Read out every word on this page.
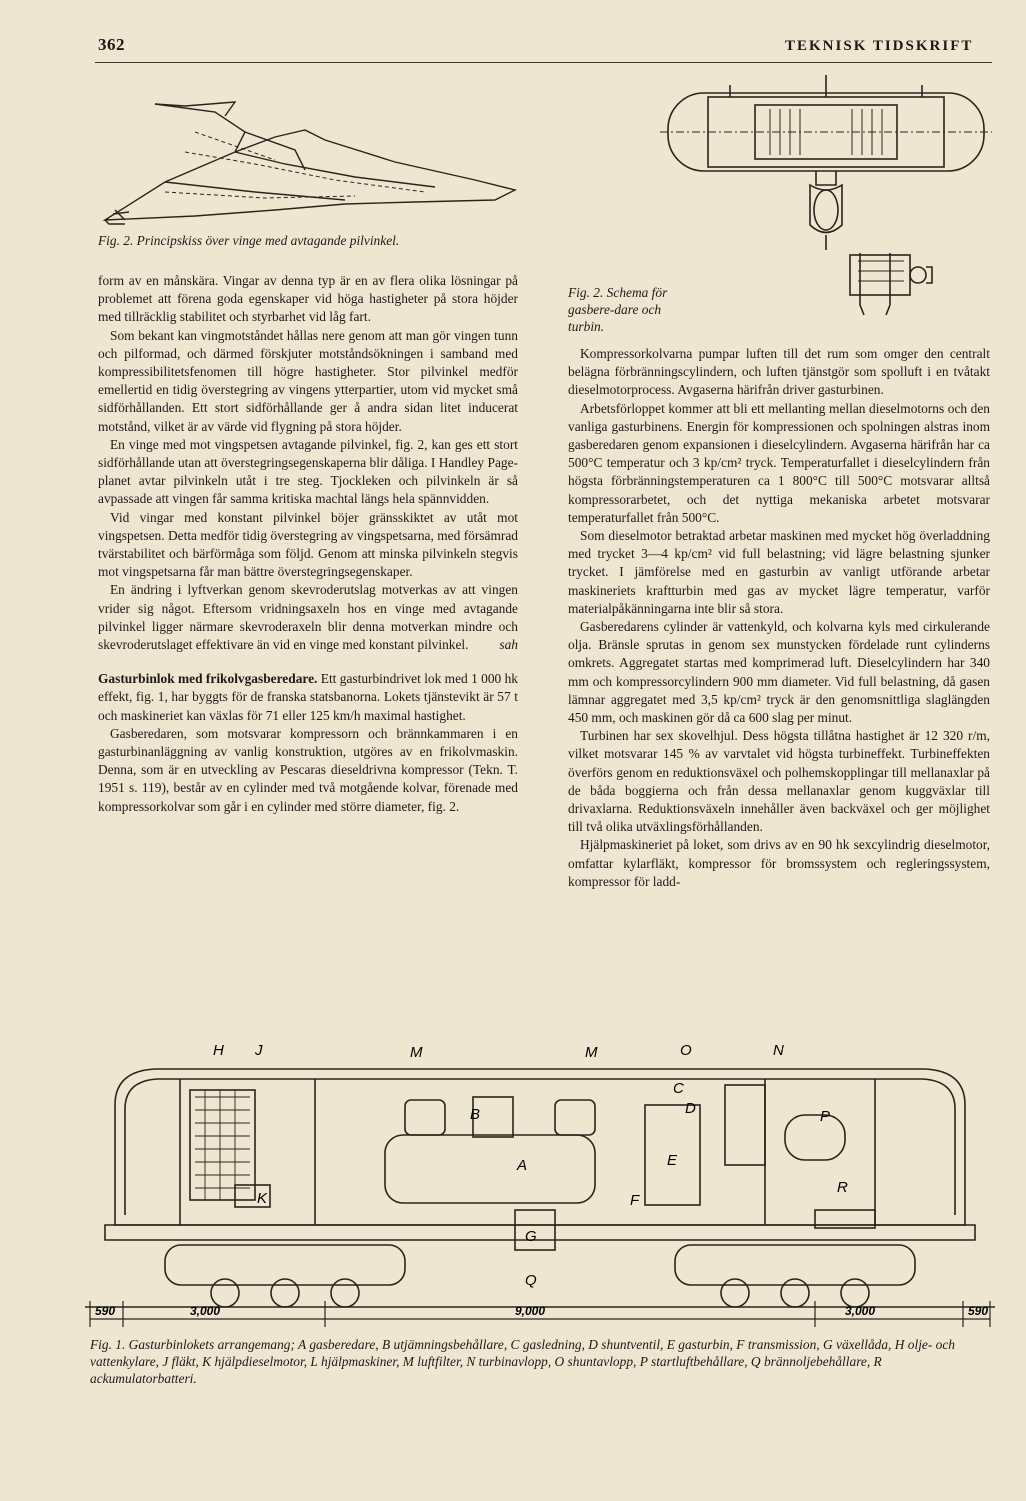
362	TEKNISK TIDSKRIFT
Fig. 2. Principskiss över vinge med avtagande pilvinkel.
Fig. 2. Schema för gasbere-dare och turbin.

form av en månskära. Vingar av denna typ är en av flera olika lösningar på problemet att förena goda egenskaper vid höga hastigheter på stora höjder med tillräcklig stabilitet och styrbarhet vid låg fart.

Som bekant kan vingmotståndet hållas nere genom att man gör vingen tunn och pilformad, och därmed förskjuter motståndsökningen i samband med kompressibilitetsfenomen till högre hastigheter. Stor pilvinkel medför emellertid en tidig överstegring av vingens ytterpartier, utom vid mycket små sidförhållanden. Ett stort sidförhållande ger å andra sidan litet inducerat motstånd, vilket är av värde vid flygning på stora höjder.

En vinge med mot vingspetsen avtagande pilvinkel, fig. 2, kan ges ett stort sidförhållande utan att överstegringsegenskaperna blir dåliga. I Handley Page-planet avtar pilvinkeln utåt i tre steg. Tjockleken och pilvinkeln är så avpassade att vingen får samma kritiska machtal längs hela spännvidden.

Vid vingar med konstant pilvinkel böjer gränsskiktet av utåt mot vingspetsen. Detta medför tidig överstegring av vingspetsarna, med försämrad tvärstabilitet och bärförmåga som följd. Genom att minska pilvinkeln stegvis mot vingspetsarna får man bättre överstegringsegenskaper.

En ändring i lyftverkan genom skevroderutslag motverkas av att vingen vrider sig något. Eftersom vridningsaxeln hos en vinge med avtagande pilvinkel ligger närmare skevroderaxeln blir denna motverkan mindre och skevroderutslaget effektivare än vid en vinge med konstant pilvinkel.	sah

Gasturbinlok med frikolvgasberedare. Ett gasturbindrivet lok med 1 000 hk effekt, fig. 1, har byggts för de franska statsbanorna. Lokets tjänstevikt är 57 t och maskineriet kan växlas för 71 eller 125 km/h maximal hastighet.

Gasberedaren, som motsvarar kompressorn och brännkammaren i en gasturbinanläggning av vanlig konstruktion, utgöres av en frikolvmaskin. Denna, som är en utveckling av Pescaras dieseldrivna kompressor (Tekn. T. 1951 s. 119), består av en cylinder med två motgående kolvar, förenade med kompressorkolvar som går i en cylinder med större diameter, fig. 2.

Kompressorkolvarna pumpar luften till det rum som omger den centralt belägna förbränningscylindern, och luften tjänstgör som spolluft i en tvåtakt dieselmotorprocess. Avgaserna härifrån driver gasturbinen.

Arbetsförloppet kommer att bli ett mellanting mellan dieselmotorns och den vanliga gasturbinens. Energin för kompressionen och spolningen alstras inom gasberedaren genom expansionen i dieselcylindern. Avgaserna härifrån har ca 500°C temperatur och 3 kp/cm² tryck. Temperaturfallet i dieselcylindern från högsta förbränningstemperaturen ca 1 800°C till 500°C motsvarar alltså kompressorarbetet, och det nyttiga mekaniska arbetet motsvarar temperaturfallet från 500°C.

Som dieselmotor betraktad arbetar maskinen med mycket hög överladdning med trycket 3—4 kp/cm² vid full belastning; vid lägre belastning sjunker trycket. I jämförelse med en gasturbin av vanligt utförande arbetar maskineriets kraftturbin med gas av mycket lägre temperatur, varför materialpåkänningarna inte blir så stora.

Gasberedarens cylinder är vattenkyld, och kolvarna kyls med cirkulerande olja. Bränsle sprutas in genom sex munstycken fördelade runt cylinderns omkrets. Aggregatet startas med komprimerad luft. Dieselcylindern har 340 mm och kompressorcylindern 900 mm diameter. Vid full belastning, då gasen lämnar aggregatet med 3,5 kp/cm² tryck är den genomsnittliga slaglängden 450 mm, och maskinen gör då ca 600 slag per minut.

Turbinen har sex skovelhjul. Dess högsta tillåtna hastighet är 12 320 r/m, vilket motsvarar 145 % av varvtalet vid högsta turbineffekt. Turbineffekten överförs genom en reduktionsväxel och polhemskopplingar till mellanaxlar på de båda boggierna och från dessa mellanaxlar genom kuggväxlar till drivaxlarna. Reduktionsväxeln innehåller även backväxel och ger möjlighet till två olika utväxlingsförhållanden.

Hjälpmaskineriet på loket, som drivs av en 90 hk sexcylindrig dieselmotor, omfattar kylarfläkt, kompressor för bromssystem och regleringssystem, kompressor för ladd-

590	3,000	9,000	3,000	590
H J	M	M	O	N
B
C
D	P
A	E
K	F
R
G
Q
Fig. 1. Gasturbinlokets arrangemang; A gasberedare, B utjämningsbehållare, C gasledning, D shuntventil, E gasturbin, F transmission, G växellåda, H olje- och vattenkylare, J fläkt, K hjälpdieselmotor, L hjälpmaskiner, M luftfilter, N turbinavlopp, O shuntavlopp, P startluftbehållare, Q brännoljebehållare, R ackumulatorbatteri.
